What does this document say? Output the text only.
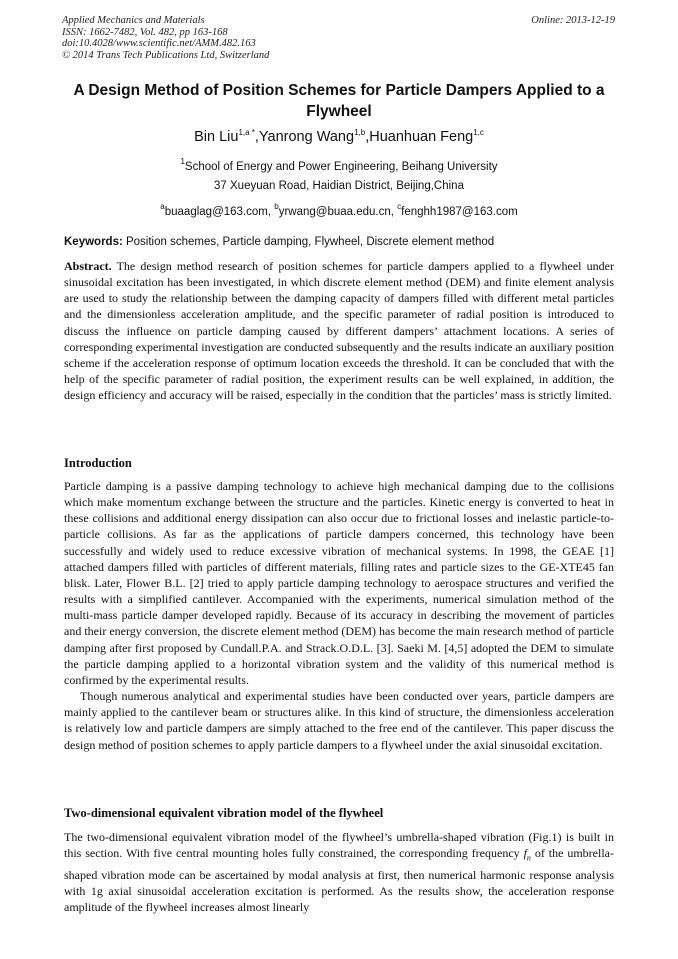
Applied Mechanics and Materials
ISSN: 1662-7482, Vol. 482, pp 163-168
doi:10.4028/www.scientific.net/AMM.482.163
© 2014 Trans Tech Publications Ltd, Switzerland
Online: 2013-12-19
A Design Method of Position Schemes for Particle Dampers Applied to a Flywheel
Bin Liu$^{1,a *}$,Yanrong Wang$^{1,b}$,Huanhuan Feng$^{1,c}$
$^1$School of Energy and Power Engineering, Beihang University
37 Xueyuan Road, Haidian District, Beijing,China
$^a$buaaglag@163.com, $^b$yrwang@buaa.edu.cn, $^c$fenghh1987@163.com
Keywords: Position schemes, Particle damping, Flywheel, Discrete element method
Abstract. The design method research of position schemes for particle dampers applied to a flywheel under sinusoidal excitation has been investigated, in which discrete element method (DEM) and finite element analysis are used to study the relationship between the damping capacity of dampers filled with different metal particles and the dimensionless acceleration amplitude, and the specific parameter of radial position is introduced to discuss the influence on particle damping caused by different dampers’ attachment locations. A series of corresponding experimental investigation are conducted subsequently and the results indicate an auxiliary position scheme if the acceleration response of optimum location exceeds the threshold. It can be concluded that with the help of the specific parameter of radial position, the experiment results can be well explained, in addition, the design efficiency and accuracy will be raised, especially in the condition that the particles’ mass is strictly limited.
Introduction
Particle damping is a passive damping technology to achieve high mechanical damping due to the collisions which make momentum exchange between the structure and the particles. Kinetic energy is converted to heat in these collisions and additional energy dissipation can also occur due to frictional losses and inelastic particle-to-particle collisions. As far as the applications of particle dampers concerned, this technology have been successfully and widely used to reduce excessive vibration of mechanical systems. In 1998, the GEAE [1] attached dampers filled with particles of different materials, filling rates and particle sizes to the GE-XTE45 fan blisk. Later, Flower B.L. [2] tried to apply particle damping technology to aerospace structures and verified the results with a simplified cantilever. Accompanied with the experiments, numerical simulation method of the multi-mass particle damper developed rapidly. Because of its accuracy in describing the movement of particles and their energy conversion, the discrete element method (DEM) has become the main research method of particle damping after first proposed by Cundall.P.A. and Strack.O.D.L. [3]. Saeki M. [4,5] adopted the DEM to simulate the particle damping applied to a horizontal vibration system and the validity of this numerical method is confirmed by the experimental results.
Though numerous analytical and experimental studies have been conducted over years, particle dampers are mainly applied to the cantilever beam or structures alike. In this kind of structure, the dimensionless acceleration is relatively low and particle dampers are simply attached to the free end of the cantilever. This paper discuss the design method of position schemes to apply particle dampers to a flywheel under the axial sinusoidal excitation.
Two-dimensional equivalent vibration model of the flywheel
The two-dimensional equivalent vibration model of the flywheel’s umbrella-shaped vibration (Fig.1) is built in this section. With five central mounting holes fully constrained, the corresponding frequency $f_n$ of the umbrella-shaped vibration mode can be ascertained by modal analysis at first, then numerical harmonic response analysis with 1g axial sinusoidal acceleration excitation is performed. As the results show, the acceleration response amplitude of the flywheel increases almost linearly
